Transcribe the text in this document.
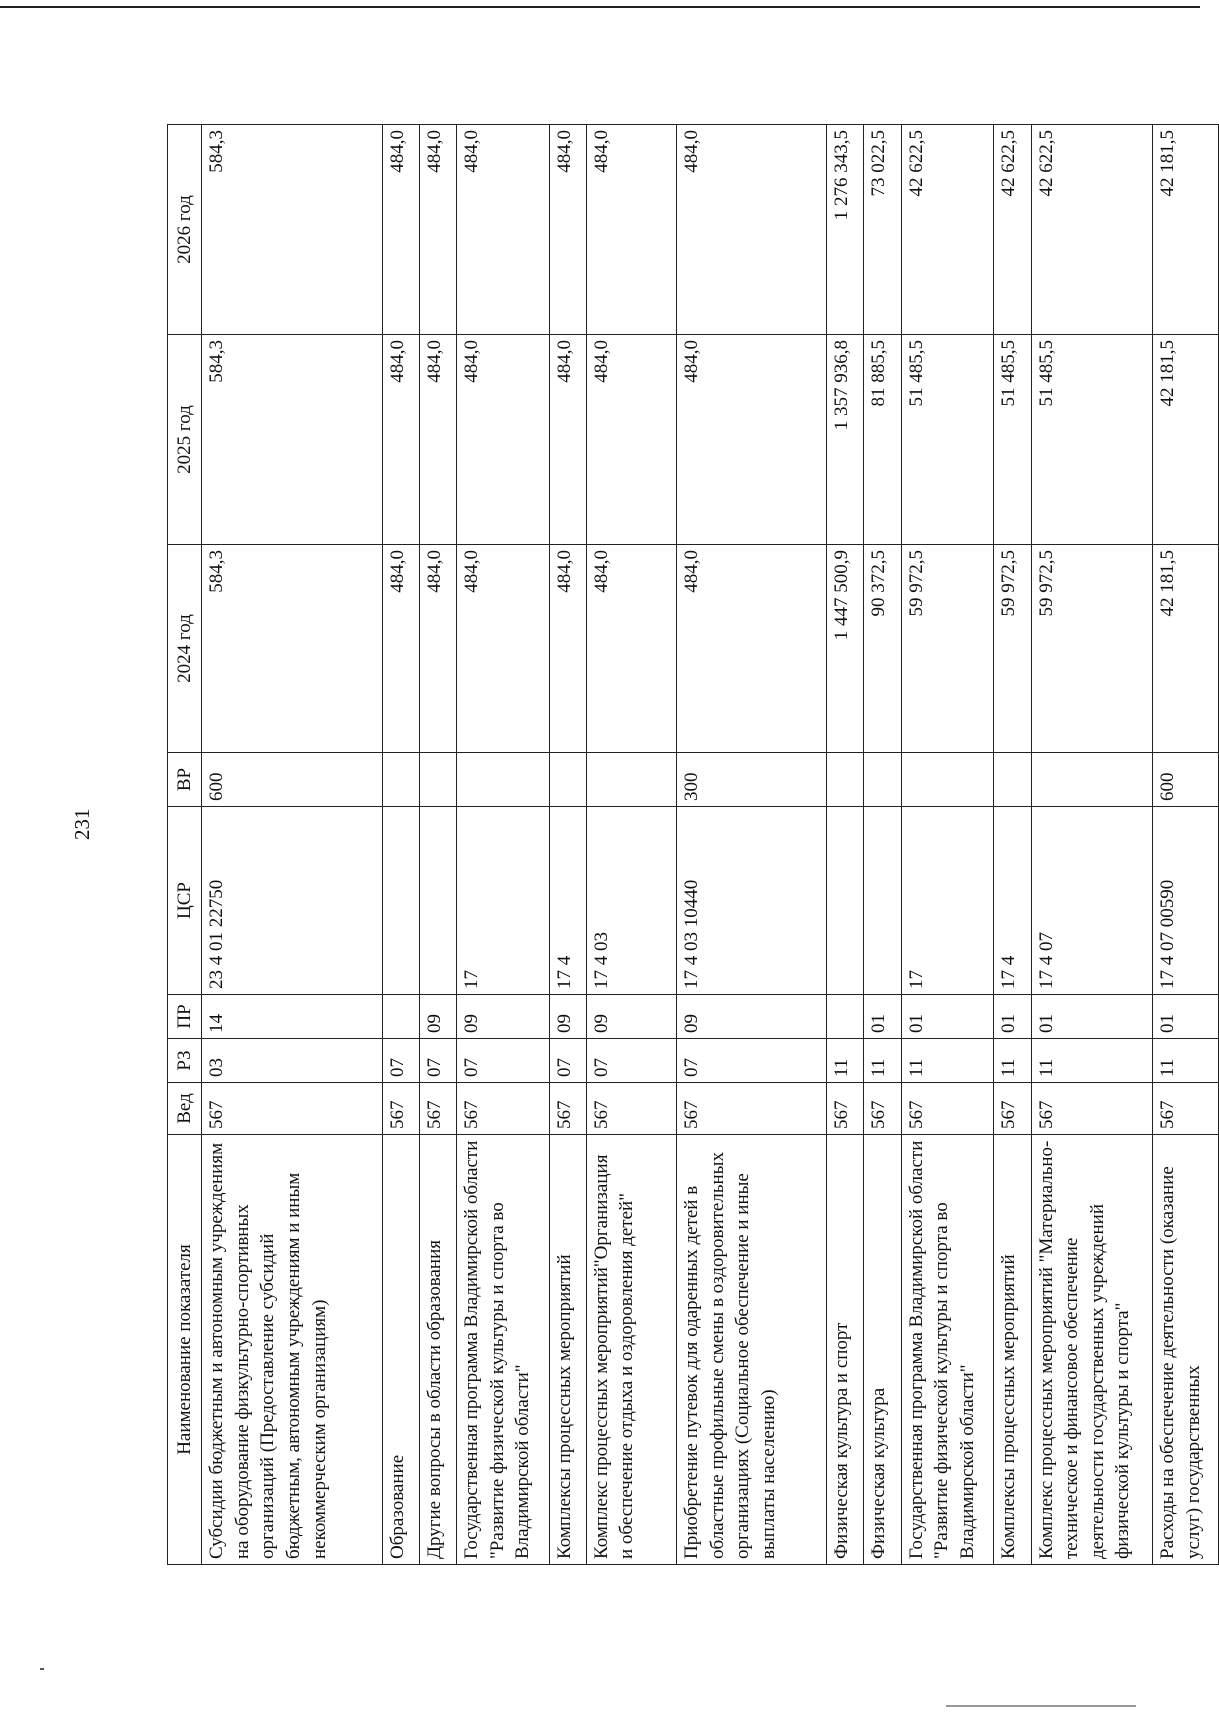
231
Наименование показателя	Вед	РЗ	ПР	ЦСР	ВР	2024 год	2025 год	2026 год
Субсидии бюджетным и автономным учреждениям на оборудование физкультурно-спортивных организаций (Предоставление субсидий бюджетным, автономным учреждениям и иным некоммерческим организациям)	567	03	14	23 4 01 22750	600	584,3	584,3	584,3
Образование	567	07				484,0	484,0	484,0
Другие вопросы в области образования	567	07	09			484,0	484,0	484,0
Государственная программа Владимирской области "Развитие физической культуры и спорта во Владимирской области"	567	07	09	17		484,0	484,0	484,0
Комплексы процессных мероприятий	567	07	09	17 4		484,0	484,0	484,0
Комплекс процессных мероприятий"Организация и обеспечение отдыха и оздоровления детей"	567	07	09	17 4 03		484,0	484,0	484,0
Приобретение путевок для одаренных детей в областные профильные смены в оздоровительных организациях (Социальное обеспечение и иные выплаты населению)	567	07	09	17 4 03 10440	300	484,0	484,0	484,0
Физическая культура и спорт	567	11				1 447 500,9	1 357 936,8	1 276 343,5
Физическая культура	567	11	01			90 372,5	81 885,5	73 022,5
Государственная программа Владимирской области "Развитие физической культуры и спорта во Владимирской области"	567	11	01	17		59 972,5	51 485,5	42 622,5
Комплексы процессных мероприятий	567	11	01	17 4		59 972,5	51 485,5	42 622,5
Комплекс процессных мероприятий "Материально-техническое и финансовое обеспечение деятельности государственных учреждений физической культуры и спорта"	567	11	01	17 4 07		59 972,5	51 485,5	42 622,5
Расходы на обеспечение деятельности (оказание услуг) государственных	567	11	01	17 4 07 00590	600	42 181,5	42 181,5	42 181,5
